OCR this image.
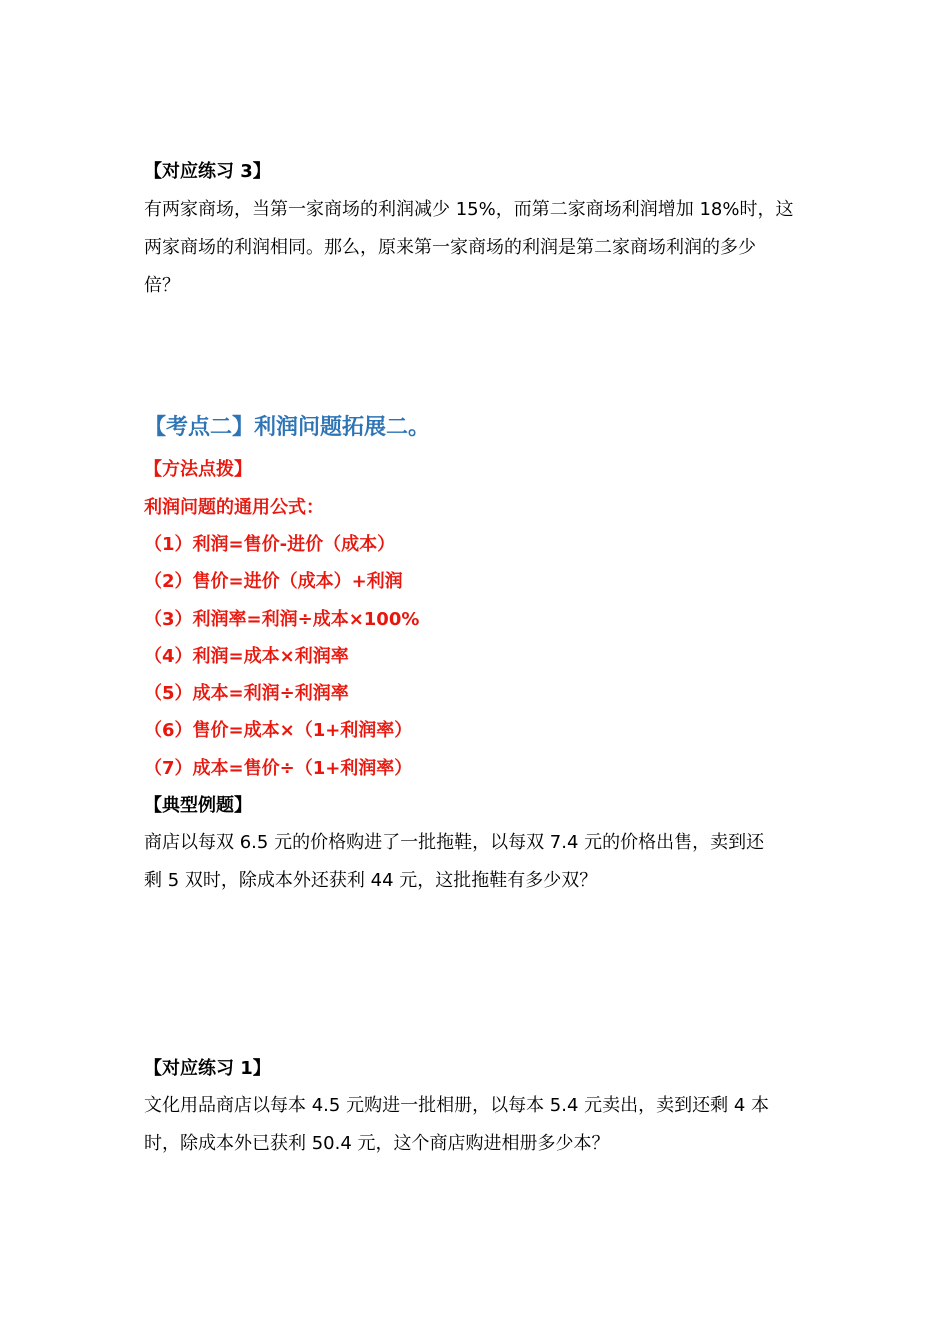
【对应练习 3】

有两家商场，当第一家商场的利润减少 15%，而第二家商场利润增加 18%时，这

两家商场的利润相同。那么，原来第一家商场的利润是第二家商场利润的多少

倍？

【考点二】利润问题拓展二。
【方法点拨】
利润问题的通用公式：
（1）利润=售价-进价（成本）
（2）售价=进价（成本）+利润
（3）利润率=利润÷成本×100%
（4）利润=成本×利润率
（5）成本=利润÷利润率
（6）售价=成本×（1+利润率）
（7）成本=售价÷（1+利润率）
【典型例题】

商店以每双 6.5 元的价格购进了一批拖鞋，以每双 7.4 元的价格出售，卖到还

剩 5 双时，除成本外还获利 44 元，这批拖鞋有多少双？

【对应练习 1】

文化用品商店以每本 4.5 元购进一批相册，以每本 5.4 元卖出，卖到还剩 4 本

时，除成本外已获利 50.4 元，这个商店购进相册多少本？
